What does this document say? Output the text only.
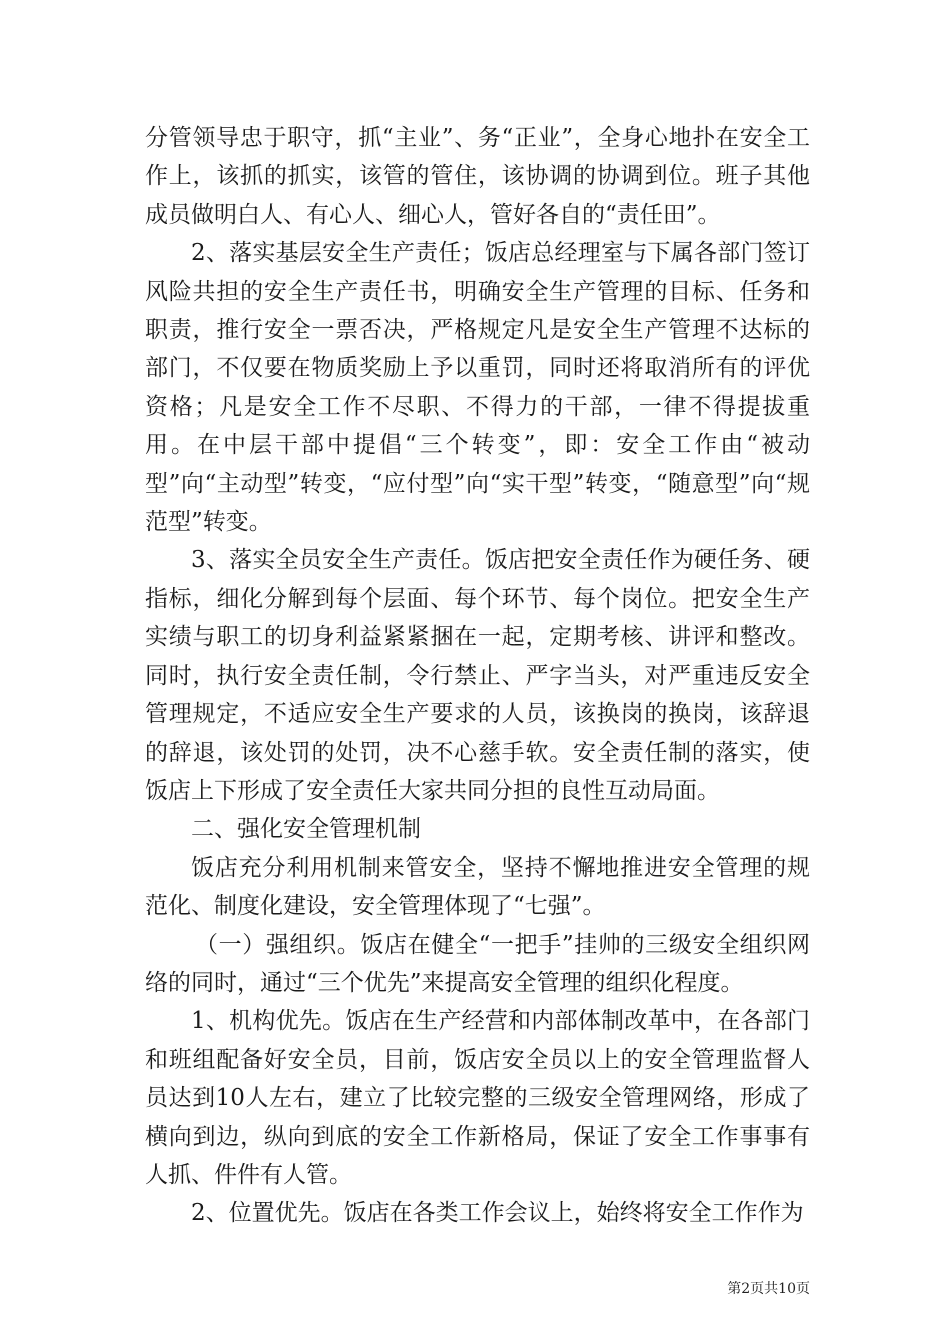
分管领导忠于职守，抓“主业”、务“正业”，全身心地扑在安全工作上，该抓的抓实，该管的管住，该协调的协调到位。班子其他成员做明白人、有心人、细心人，管好各自的“责任田”。

2、落实基层安全生产责任；饭店总经理室与下属各部门签订风险共担的安全生产责任书，明确安全生产管理的目标、任务和职责，推行安全一票否决，严格规定凡是安全生产管理不达标的部门，不仅要在物质奖励上予以重罚，同时还将取消所有的评优资格；凡是安全工作不尽职、不得力的干部，一律不得提拔重用。在中层干部中提倡“三个转变”，即：安全工作由“被动型”向“主动型”转变，“应付型”向“实干型”转变，“随意型”向“规范型”转变。

3、落实全员安全生产责任。饭店把安全责任作为硬任务、硬指标，细化分解到每个层面、每个环节、每个岗位。把安全生产实绩与职工的切身利益紧紧捆在一起，定期考核、讲评和整改。同时，执行安全责任制，令行禁止、严字当头，对严重违反安全管理规定，不适应安全生产要求的人员，该换岗的换岗，该辞退的辞退，该处罚的处罚，决不心慈手软。安全责任制的落实，使饭店上下形成了安全责任大家共同分担的良性互动局面。

二、强化安全管理机制

饭店充分利用机制来管安全，坚持不懈地推进安全管理的规范化、制度化建设，安全管理体现了“七强”。

（一）强组织。饭店在健全“一把手”挂帅的三级安全组织网络的同时，通过“三个优先”来提高安全管理的组织化程度。

1、机构优先。饭店在生产经营和内部体制改革中，在各部门和班组配备好安全员，目前，饭店安全员以上的安全管理监督人员达到10人左右，建立了比较完整的三级安全管理网络，形成了横向到边，纵向到底的安全工作新格局，保证了安全工作事事有人抓、件件有人管。

2、位置优先。饭店在各类工作会议上，始终将安全工作作为

第2页共10页
